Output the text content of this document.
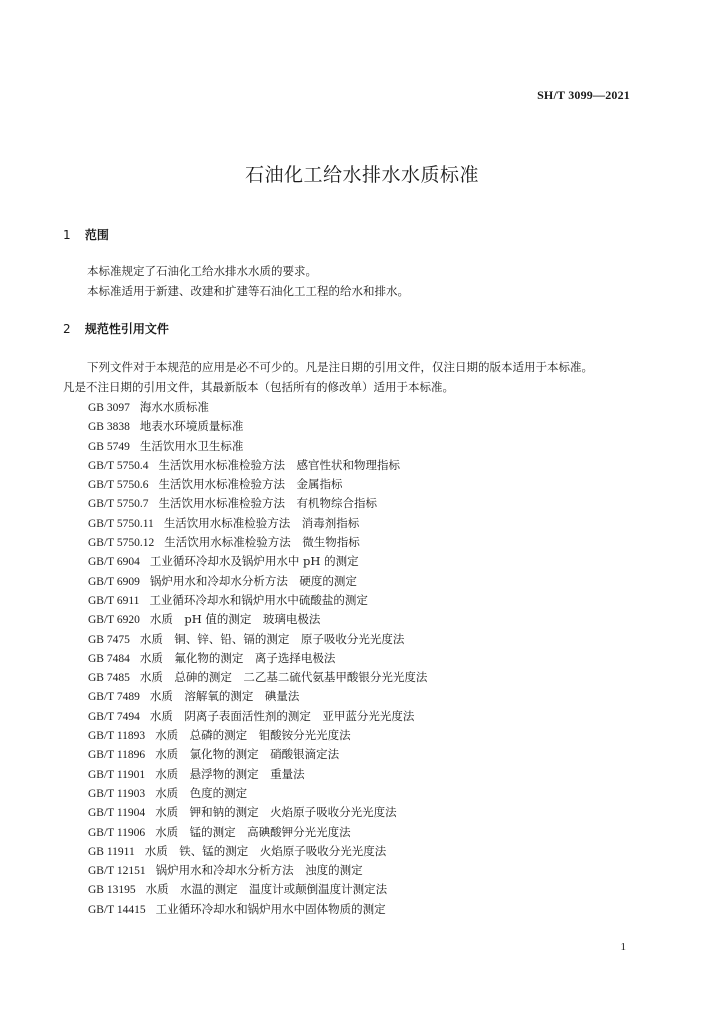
SH/T 3099—2021
石油化工给水排水水质标准
1 范围

本标准规定了石油化工给水排水水质的要求。

本标准适用于新建、改建和扩建等石油化工工程的给水和排水。

2 规范性引用文件

下列文件对于本规范的应用是必不可少的。凡是注日期的引用文件，仅注日期的版本适用于本标准。

凡是不注日期的引用文件，其最新版本（包括所有的修改单）适用于本标准。

GB 3097 海水水质标准
GB 3838 地表水环境质量标准
GB 5749 生活饮用水卫生标准
GB/T 5750.4 生活饮用水标准检验方法　感官性状和物理指标
GB/T 5750.6 生活饮用水标准检验方法　金属指标
GB/T 5750.7 生活饮用水标准检验方法　有机物综合指标
GB/T 5750.11 生活饮用水标准检验方法　消毒剂指标
GB/T 5750.12 生活饮用水标准检验方法　微生物指标
GB/T 6904 工业循环冷却水及锅炉用水中 pH 的测定
GB/T 6909 锅炉用水和冷却水分析方法　硬度的测定
GB/T 6911 工业循环冷却水和锅炉用水中硫酸盐的测定
GB/T 6920 水质　pH 值的测定　玻璃电极法
GB 7475 水质　铜、锌、铅、镉的测定　原子吸收分光光度法
GB 7484 水质　氟化物的测定　离子选择电极法
GB 7485 水质　总砷的测定　二乙基二硫代氨基甲酸银分光光度法
GB/T 7489 水质　溶解氧的测定　碘量法
GB/T 7494 水质　阴离子表面活性剂的测定　亚甲蓝分光光度法
GB/T 11893 水质　总磷的测定　钼酸铵分光光度法
GB/T 11896 水质　氯化物的测定　硝酸银滴定法
GB/T 11901 水质　悬浮物的测定　重量法
GB/T 11903 水质　色度的测定
GB/T 11904 水质　钾和钠的测定　火焰原子吸收分光光度法
GB/T 11906 水质　锰的测定　高碘酸钾分光光度法
GB 11911 水质　铁、锰的测定　火焰原子吸收分光光度法
GB/T 12151 锅炉用水和冷却水分析方法　浊度的测定
GB 13195 水质　水温的测定　温度计或颠倒温度计测定法
GB/T 14415 工业循环冷却水和锅炉用水中固体物质的测定
1
